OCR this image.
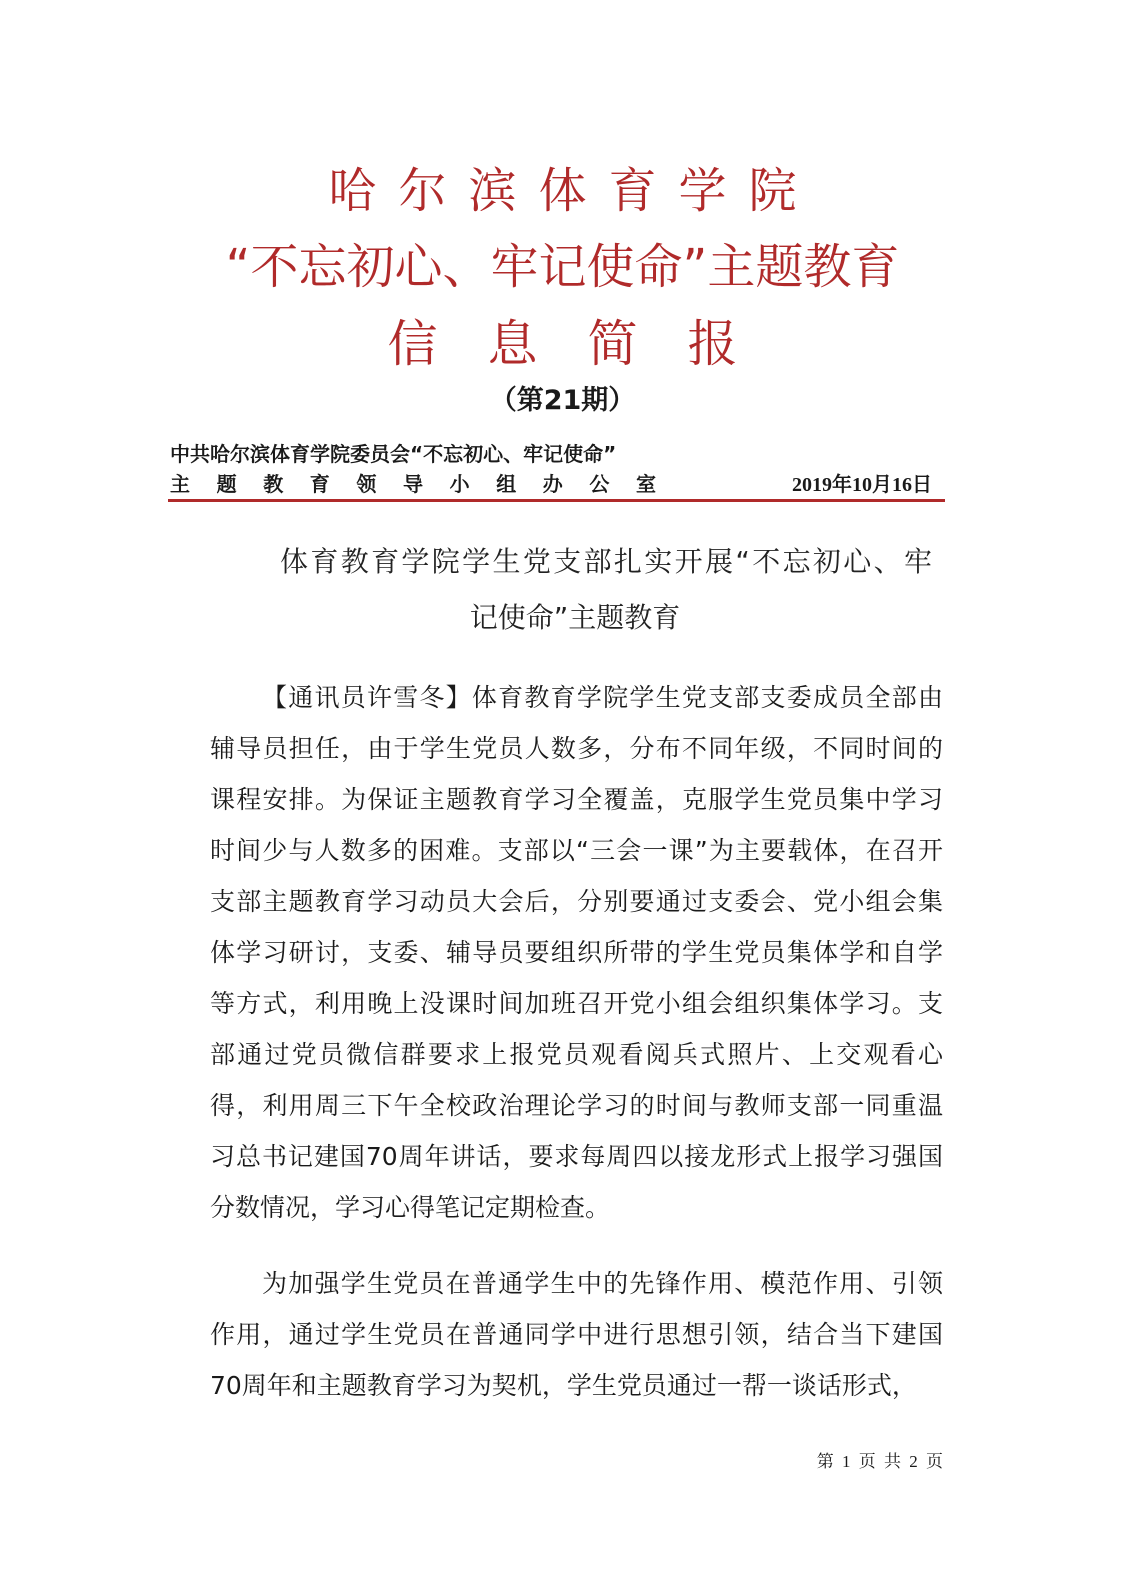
哈尔滨体育学院
“不忘初心、牢记使命”主题教育
信息简报
（第21期）
中共哈尔滨体育学院委员会“不忘初心、牢记使命”
主题教育领导小组办公室	2019年10月16日
体育教育学院学生党支部扎实开展“不忘初心、牢
记使命”主题教育
【通讯员许雪冬】体育教育学院学生党支部支委成员全部由
辅导员担任，由于学生党员人数多，分布不同年级，不同时间的
课程安排。为保证主题教育学习全覆盖，克服学生党员集中学习
时间少与人数多的困难。支部以“三会一课”为主要载体，在召开
支部主题教育学习动员大会后，分别要通过支委会、党小组会集
体学习研讨，支委、辅导员要组织所带的学生党员集体学和自学
等方式，利用晚上没课时间加班召开党小组会组织集体学习。支
部通过党员微信群要求上报党员观看阅兵式照片、上交观看心
得，利用周三下午全校政治理论学习的时间与教师支部一同重温
习总书记建国70周年讲话，要求每周四以接龙形式上报学习强国
分数情况，学习心得笔记定期检查。
为加强学生党员在普通学生中的先锋作用、模范作用、引领
作用，通过学生党员在普通同学中进行思想引领，结合当下建国
70周年和主题教育学习为契机，学生党员通过一帮一谈话形式，
第 1 页 共 2 页
